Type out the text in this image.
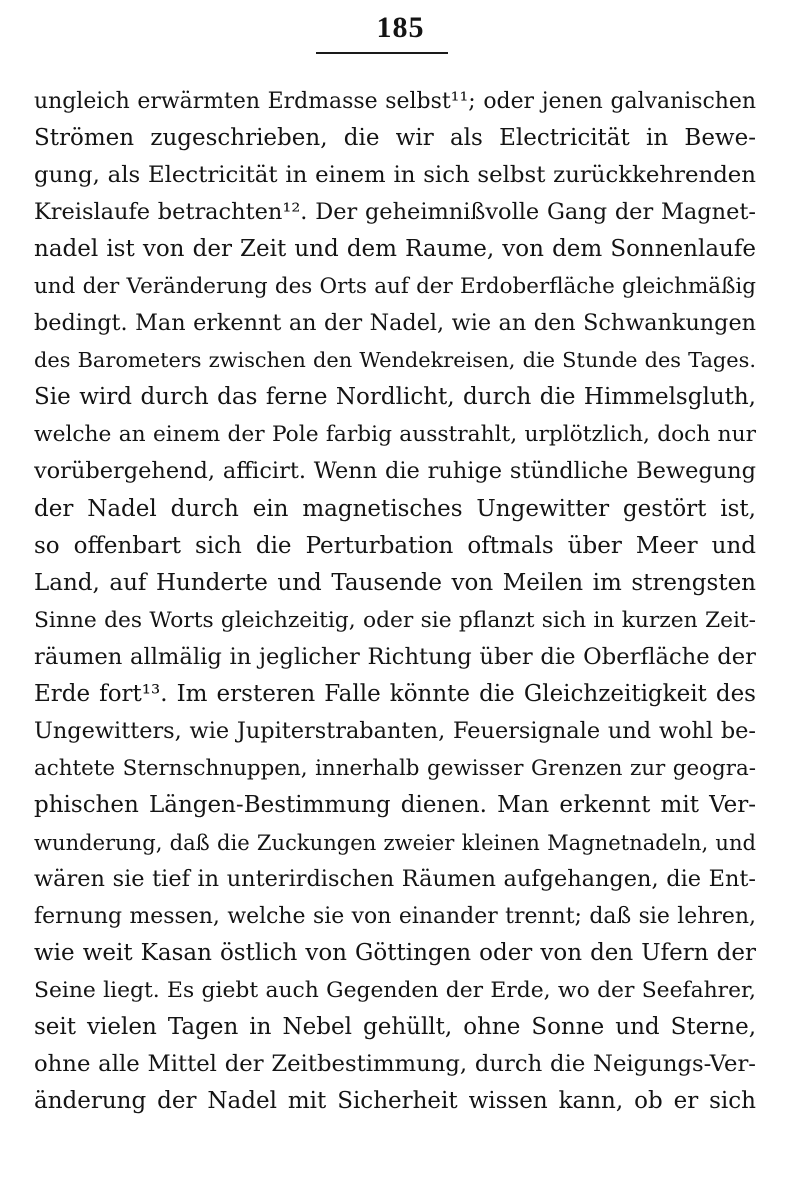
185
ungleich erwärmten Erdmasse selbst¹¹; oder jenen galvanischen
Strömen zugeschrieben, die wir als Electricität in Bewe-
gung, als Electricität in einem in sich selbst zurückkehrenden
Kreislaufe betrachten¹². Der geheimnißvolle Gang der Magnet-
nadel ist von der Zeit und dem Raume, von dem Sonnenlaufe
und der Veränderung des Orts auf der Erdoberfläche gleichmäßig
bedingt. Man erkennt an der Nadel, wie an den Schwankungen
des Barometers zwischen den Wendekreisen, die Stunde des Tages.
Sie wird durch das ferne Nordlicht, durch die Himmelsgluth,
welche an einem der Pole farbig ausstrahlt, urplötzlich, doch nur
vorübergehend, afficirt. Wenn die ruhige stündliche Bewegung
der Nadel durch ein magnetisches Ungewitter gestört ist,
so offenbart sich die Perturbation oftmals über Meer und
Land, auf Hunderte und Tausende von Meilen im strengsten
Sinne des Worts gleichzeitig, oder sie pflanzt sich in kurzen Zeit-
räumen allmälig in jeglicher Richtung über die Oberfläche der
Erde fort¹³. Im ersteren Falle könnte die Gleichzeitigkeit des
Ungewitters, wie Jupiterstrabanten, Feuersignale und wohl be-
achtete Sternschnuppen, innerhalb gewisser Grenzen zur geogra-
phischen Längen-Bestimmung dienen. Man erkennt mit Ver-
wunderung, daß die Zuckungen zweier kleinen Magnetnadeln, und
wären sie tief in unterirdischen Räumen aufgehangen, die Ent-
fernung messen, welche sie von einander trennt; daß sie lehren,
wie weit Kasan östlich von Göttingen oder von den Ufern der
Seine liegt. Es giebt auch Gegenden der Erde, wo der Seefahrer,
seit vielen Tagen in Nebel gehüllt, ohne Sonne und Sterne,
ohne alle Mittel der Zeitbestimmung, durch die Neigungs-Ver-
änderung der Nadel mit Sicherheit wissen kann, ob er sich
